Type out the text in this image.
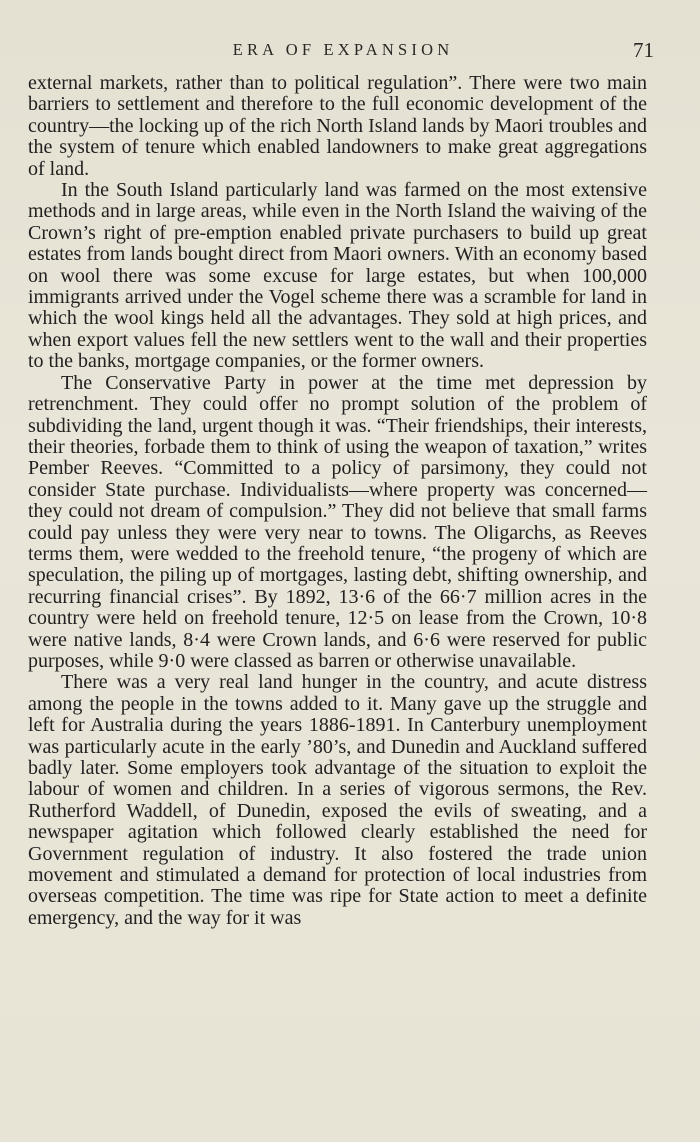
ERA OF EXPANSION	71

external markets, rather than to political regulation”. There were two main barriers to settlement and therefore to the full economic development of the country—the locking up of the rich North Island lands by Maori troubles and the system of tenure which enabled landowners to make great aggregations of land.

In the South Island particularly land was farmed on the most extensive methods and in large areas, while even in the North Island the waiving of the Crown’s right of pre-emption enabled private purchasers to build up great estates from lands bought direct from Maori owners. With an economy based on wool there was some excuse for large estates, but when 100,000 immigrants arrived under the Vogel scheme there was a scramble for land in which the wool kings held all the advantages. They sold at high prices, and when export values fell the new settlers went to the wall and their properties to the banks, mortgage companies, or the former owners.

The Conservative Party in power at the time met depression by retrenchment. They could offer no prompt solution of the problem of subdividing the land, urgent though it was. “Their friendships, their interests, their theories, forbade them to think of using the weapon of taxation,” writes Pember Reeves. “Committed to a policy of parsimony, they could not consider State purchase. Individualists—where property was concerned—they could not dream of compulsion.” They did not believe that small farms could pay unless they were very near to towns. The Oligarchs, as Reeves terms them, were wedded to the freehold tenure, “the progeny of which are speculation, the piling up of mortgages, lasting debt, shifting ownership, and recurring financial crises”. By 1892, 13·6 of the 66·7 million acres in the country were held on freehold tenure, 12·5 on lease from the Crown, 10·8 were native lands, 8·4 were Crown lands, and 6·6 were reserved for public purposes, while 9·0 were classed as barren or otherwise unavailable.

There was a very real land hunger in the country, and acute distress among the people in the towns added to it. Many gave up the struggle and left for Australia during the years 1886-1891. In Canterbury unemployment was particularly acute in the early ’80’s, and Dunedin and Auckland suffered badly later. Some employers took advantage of the situation to exploit the labour of women and children. In a series of vigorous sermons, the Rev. Rutherford Waddell, of Dunedin, exposed the evils of sweating, and a newspaper agitation which followed clearly established the need for Government regulation of industry. It also fostered the trade union movement and stimulated a demand for protection of local industries from overseas competition. The time was ripe for State action to meet a definite emergency, and the way for it was
